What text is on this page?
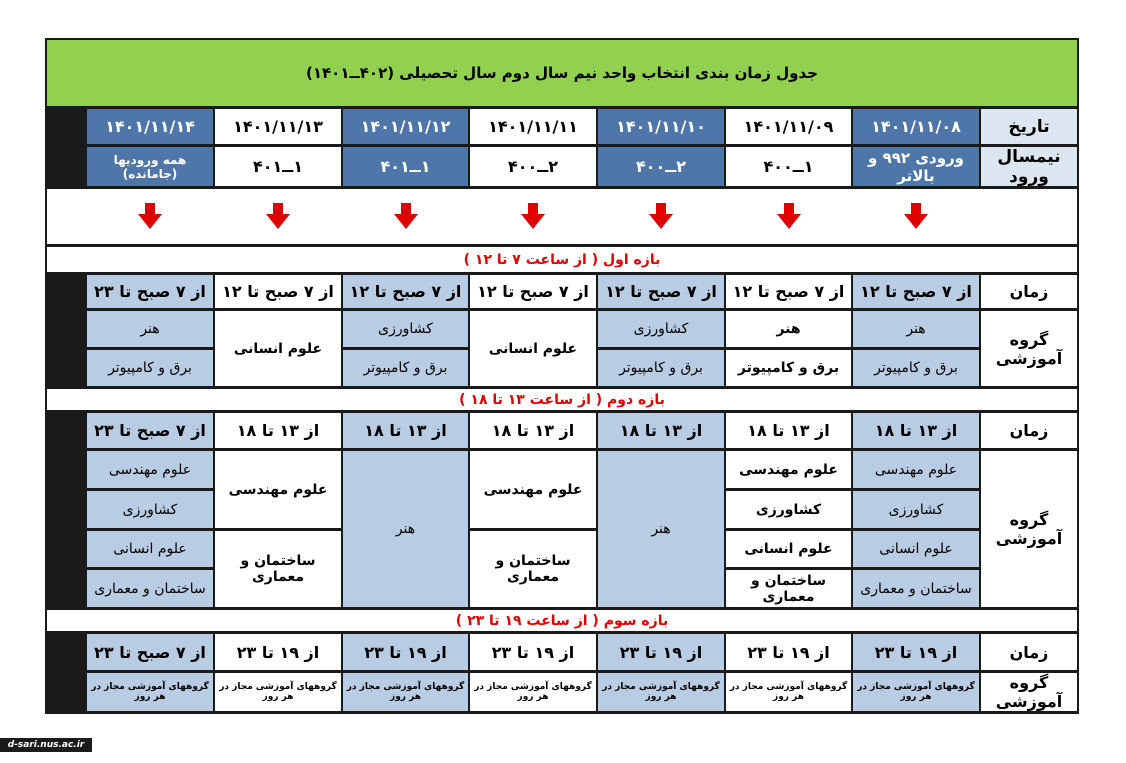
جدول زمان بندی انتخاب واحد نیم سال دوم سال تحصیلی (۴۰۲ــ۱۴۰۱)
تاریخ
نیمسال ورود
زمان
گروه آموزشی
زمان
گروه آموزشی
زمان
گروه آموزشی
بازه اول ( از ساعت ۷ تا ۱۲ )
بازه دوم ( از ساعت ۱۳ تا ۱۸ )
بازه سوم ( از ساعت ۱۹ تا ۲۳ )
۱۴۰۱/۱۱/۰۸
ورودی ۹۹۲ و بالاتر
از ۷ صبح تا ۱۲
هنر
برق و کامپیوتر
از ۱۳ تا ۱۸
علوم مهندسی
کشاورزی
علوم انسانی
ساختمان و معماری
از ۱۹ تا ۲۳
گروههای آموزشی مجاز در هر روز
۱۴۰۱/۱۱/۰۹
۱ــ۴۰۰
از ۷ صبح تا ۱۲
هنر
برق و کامپیوتر
از ۱۳ تا ۱۸
علوم مهندسی
کشاورزی
علوم انسانی
ساختمان و معماری
از ۱۹ تا ۲۳
گروههای آموزشی مجاز در هر روز
۱۴۰۱/۱۱/۱۰
۲ــ۴۰۰
از ۷ صبح تا ۱۲
کشاورزی
برق و کامپیوتر
از ۱۳ تا ۱۸
هنر
از ۱۹ تا ۲۳
گروههای آموزشی مجاز در هر روز
۱۴۰۱/۱۱/۱۱
۲ــ۴۰۰
از ۷ صبح تا ۱۲
علوم انسانی
از ۱۳ تا ۱۸
علوم مهندسی
ساختمان و معماری
از ۱۹ تا ۲۳
گروههای آموزشی مجاز در هر روز
۱۴۰۱/۱۱/۱۲
۱ــ۴۰۱
از ۷ صبح تا ۱۲
کشاورزی
برق و کامپیوتر
از ۱۳ تا ۱۸
هنر
از ۱۹ تا ۲۳
گروههای آموزشی مجاز در هر روز
۱۴۰۱/۱۱/۱۳
۱ــ۴۰۱
از ۷ صبح تا ۱۲
علوم انسانی
از ۱۳ تا ۱۸
علوم مهندسی
ساختمان و معماری
از ۱۹ تا ۲۳
گروههای آموزشی مجاز در هر روز
۱۴۰۱/۱۱/۱۴
همه ورودیها (جامانده)
از ۷ صبح تا ۲۳
هنر
برق و کامپیوتر
از ۷ صبح تا ۲۳
علوم مهندسی
کشاورزی
علوم انسانی
ساختمان و معماری
از ۷ صبح تا ۲۳
گروههای آموزشی مجاز در هر روز
d-sari.nus.ac.ir
